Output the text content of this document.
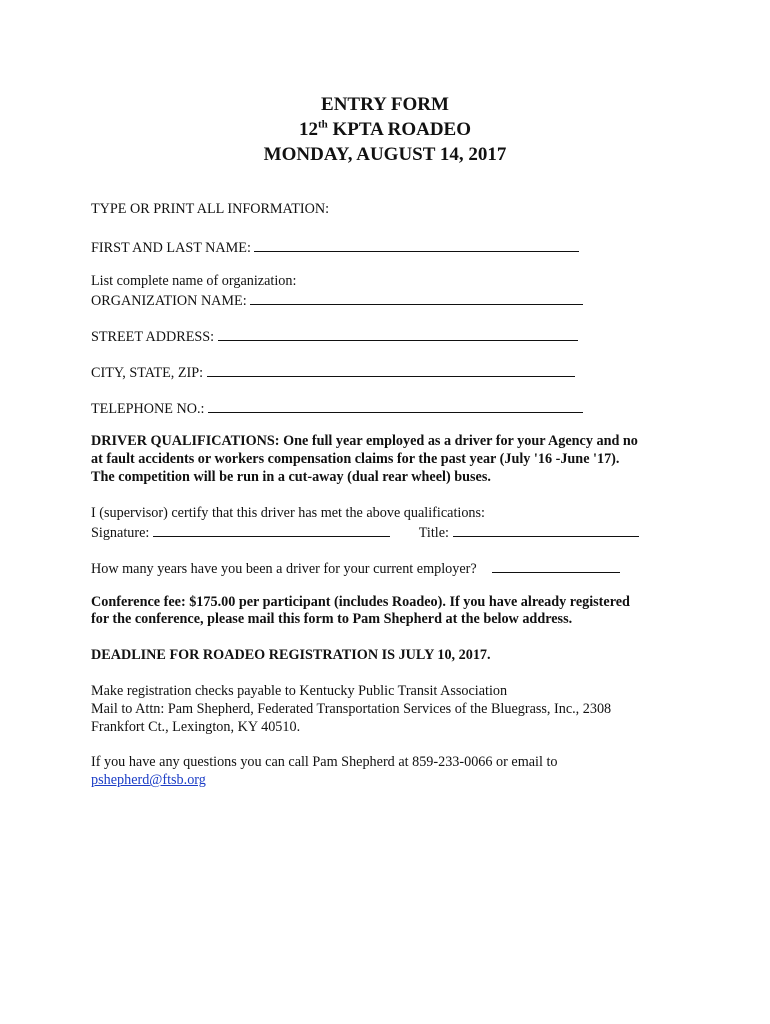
ENTRY FORM
12th KPTA ROADEO
MONDAY, AUGUST 14, 2017
TYPE OR PRINT ALL INFORMATION:
FIRST AND LAST NAME:
List complete name of organization:
ORGANIZATION NAME:
STREET ADDRESS:
CITY, STATE, ZIP:
TELEPHONE NO.:
DRIVER QUALIFICATIONS: One full year employed as a driver for your Agency and no
at fault accidents or workers compensation claims for the past year (July '16 -June '17).
The competition will be run in a cut-away (dual rear wheel) buses.
I (supervisor) certify that this driver has met the above qualifications:
Signature:	Title:
How many years have you been a driver for your current employer?
Conference fee: $175.00 per participant (includes Roadeo). If you have already registered
for the conference, please mail this form to Pam Shepherd at the below address.
DEADLINE FOR ROADEO REGISTRATION IS JULY 10, 2017.
Make registration checks payable to Kentucky Public Transit Association
Mail to Attn: Pam Shepherd, Federated Transportation Services of the Bluegrass, Inc., 2308
Frankfort Ct., Lexington, KY 40510.
If you have any questions you can call Pam Shepherd at 859-233-0066 or email to
pshepherd@ftsb.org
